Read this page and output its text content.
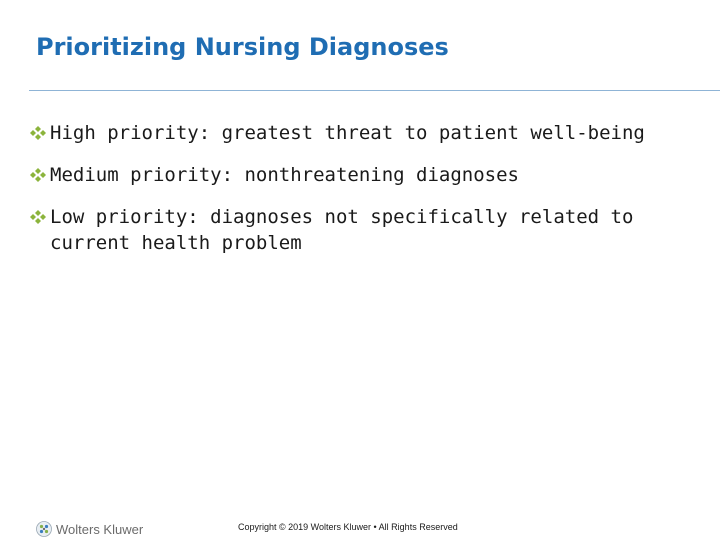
Prioritizing Nursing Diagnoses
High priority: greatest threat to patient well-being
Medium priority: nonthreatening diagnoses
Low priority: diagnoses not specifically related to current health problem
Wolters Kluwer	Copyright © 2019 Wolters Kluwer • All Rights Reserved
